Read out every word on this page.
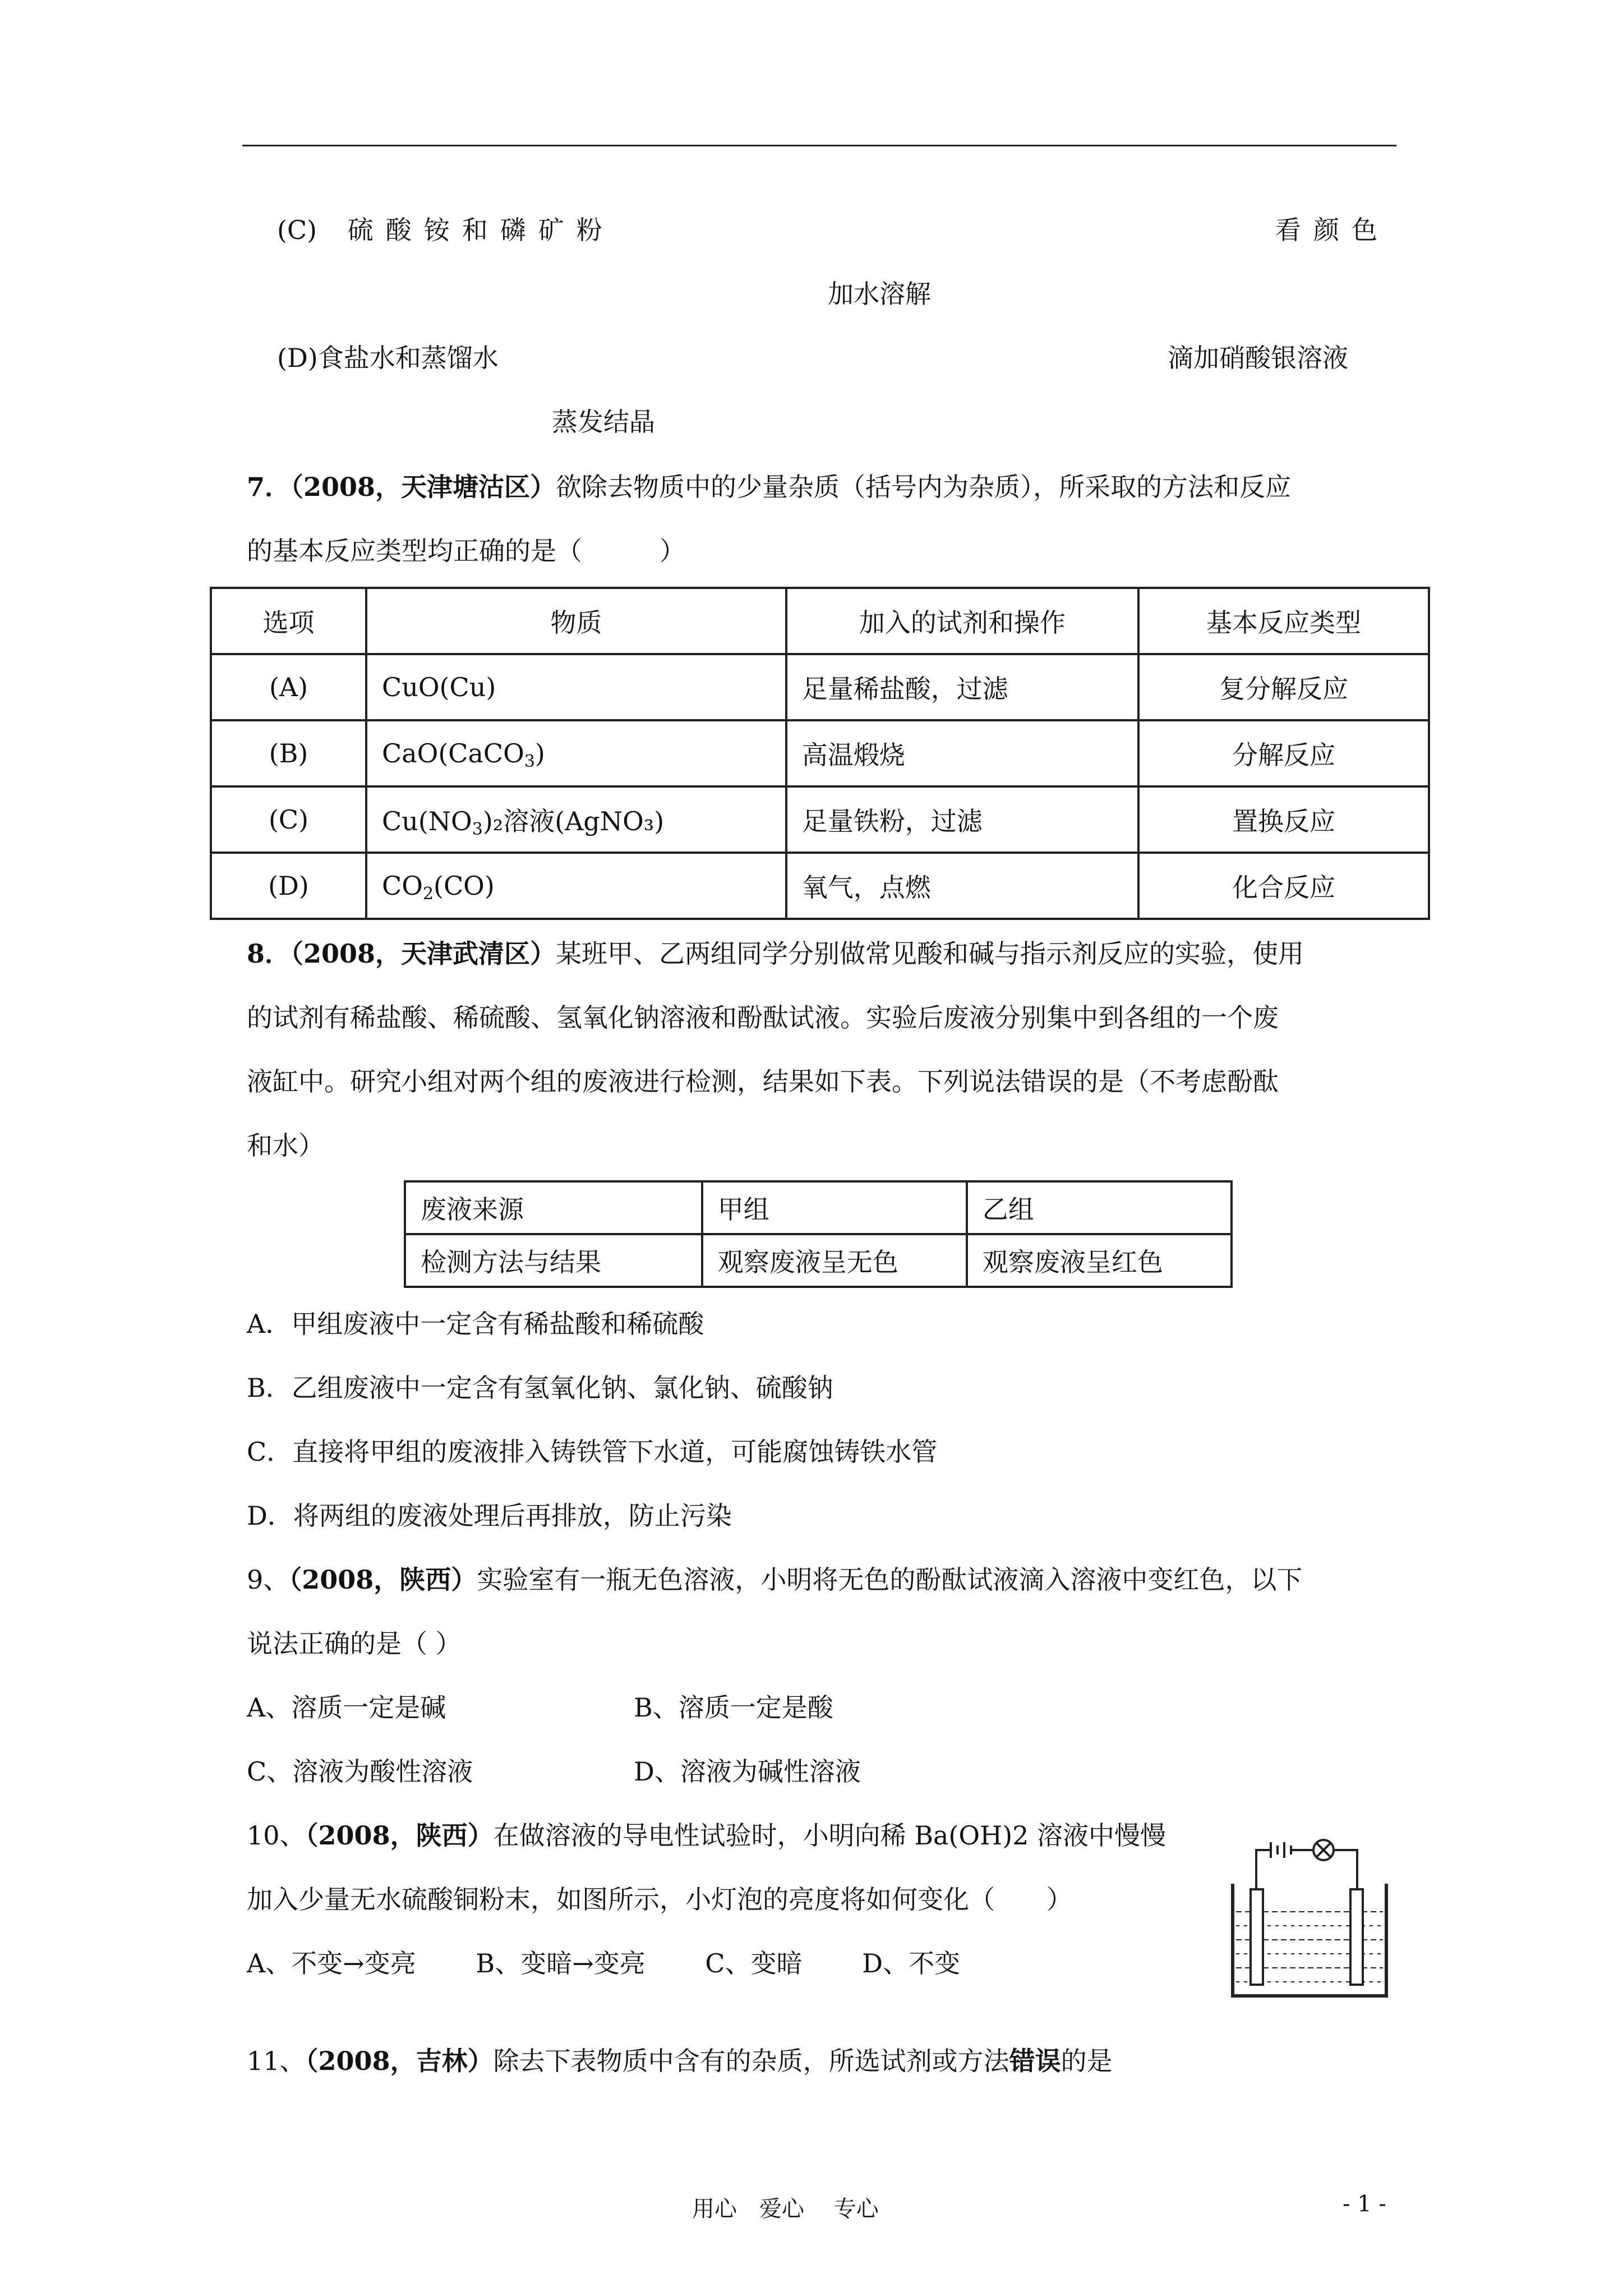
(C) 硫酸铵和磷矿粉	看颜色
加水溶解
(D)食盐水和蒸馏水	滴加硝酸银溶液
蒸发结晶
7．（2008，天津塘沽区）欲除去物质中的少量杂质（括号内为杂质），所采取的方法和反应
的基本反应类型均正确的是（　　　）
选项	物质	加入的试剂和操作	基本反应类型
(A)	CuO(Cu)	足量稀盐酸，过滤	复分解反应
(B)	CaO(CaCO$_3$)	高温煅烧	分解反应
(C)	$Cu(NO_3)_2$溶液(AgNO₃)	足量铁粉，过滤	置换反应
(D)	$CO_2(CO)$	氧气，点燃	化合反应
8．（2008，天津武清区）某班甲、乙两组同学分别做常见酸和碱与指示剂反应的实验，使用
的试剂有稀盐酸、稀硫酸、氢氧化钠溶液和酚酞试液。实验后废液分别集中到各组的一个废
液缸中。研究小组对两个组的废液进行检测，结果如下表。下列说法错误的是（不考虑酚酞
和水）
废液来源	甲组	乙组
检测方法与结果	观察废液呈无色	观察废液呈红色
A．甲组废液中一定含有稀盐酸和稀硫酸
B．乙组废液中一定含有氢氧化钠、氯化钠、硫酸钠
C．直接将甲组的废液排入铸铁管下水道，可能腐蚀铸铁水管
D．将两组的废液处理后再排放，防止污染
9、（2008，陕西）实验室有一瓶无色溶液，小明将无色的酚酞试液滴入溶液中变红色，以下
说法正确的是（ ）
A、溶质一定是碱	B、溶质一定是酸
C、溶液为酸性溶液	D、溶液为碱性溶液
10、（2008，陕西）在做溶液的导电性试验时，小明向稀 Ba(OH)2 溶液中慢慢
加入少量无水硫酸铜粉末，如图所示，小灯泡的亮度将如何变化（　　）
A、不变→变亮 B、变暗→变亮 C、变暗 D、不变
11、（2008，吉林）除去下表物质中含有的杂质，所选试剂或方法错误的是
用心　爱心　 专心	- 1 -
